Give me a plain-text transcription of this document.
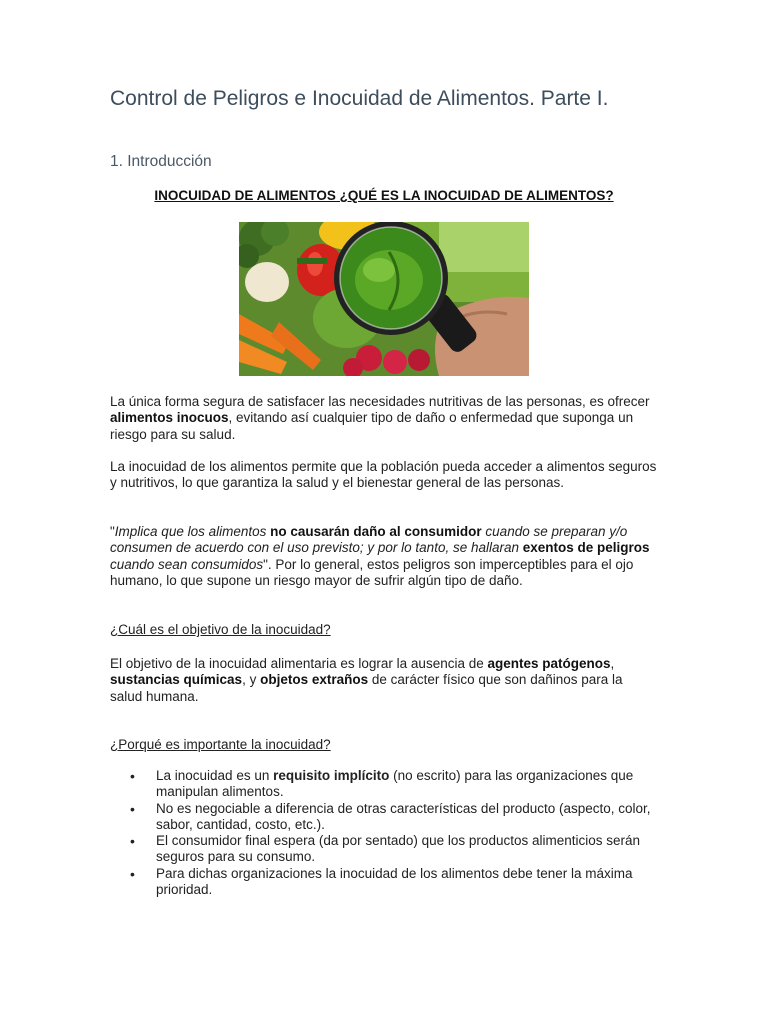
Control de Peligros e Inocuidad de Alimentos. Parte I.
1. Introducción
INOCUIDAD DE ALIMENTOS ¿QUÉ ES LA INOCUIDAD DE ALIMENTOS?

La única forma segura de satisfacer las necesidades nutritivas de las personas, es ofrecer alimentos inocuos, evitando así cualquier tipo de daño o enfermedad que suponga un riesgo para su salud.

La inocuidad de los alimentos permite que la población pueda acceder a alimentos seguros y nutritivos, lo que garantiza la salud y el bienestar general de las personas.

"Implica que los alimentos no causarán daño al consumidor cuando se preparan y/o consumen de acuerdo con el uso previsto; y por lo tanto, se hallaran exentos de peligros cuando sean consumidos". Por lo general, estos peligros son imperceptibles para el ojo humano, lo que supone un riesgo mayor de sufrir algún tipo de daño.

¿Cuál es el objetivo de la inocuidad?

El objetivo de la inocuidad alimentaria es lograr la ausencia de agentes patógenos, sustancias químicas, y objetos extraños de carácter físico que son dañinos para la salud humana.

¿Porqué es importante la inocuidad?

• La inocuidad es un requisito implícito (no escrito) para las organizaciones que manipulan alimentos.
• No es negociable a diferencia de otras características del producto (aspecto, color, sabor, cantidad, costo, etc.).
• El consumidor final espera (da por sentado) que los productos alimenticios serán seguros para su consumo.
• Para dichas organizaciones la inocuidad de los alimentos debe tener la máxima prioridad.
